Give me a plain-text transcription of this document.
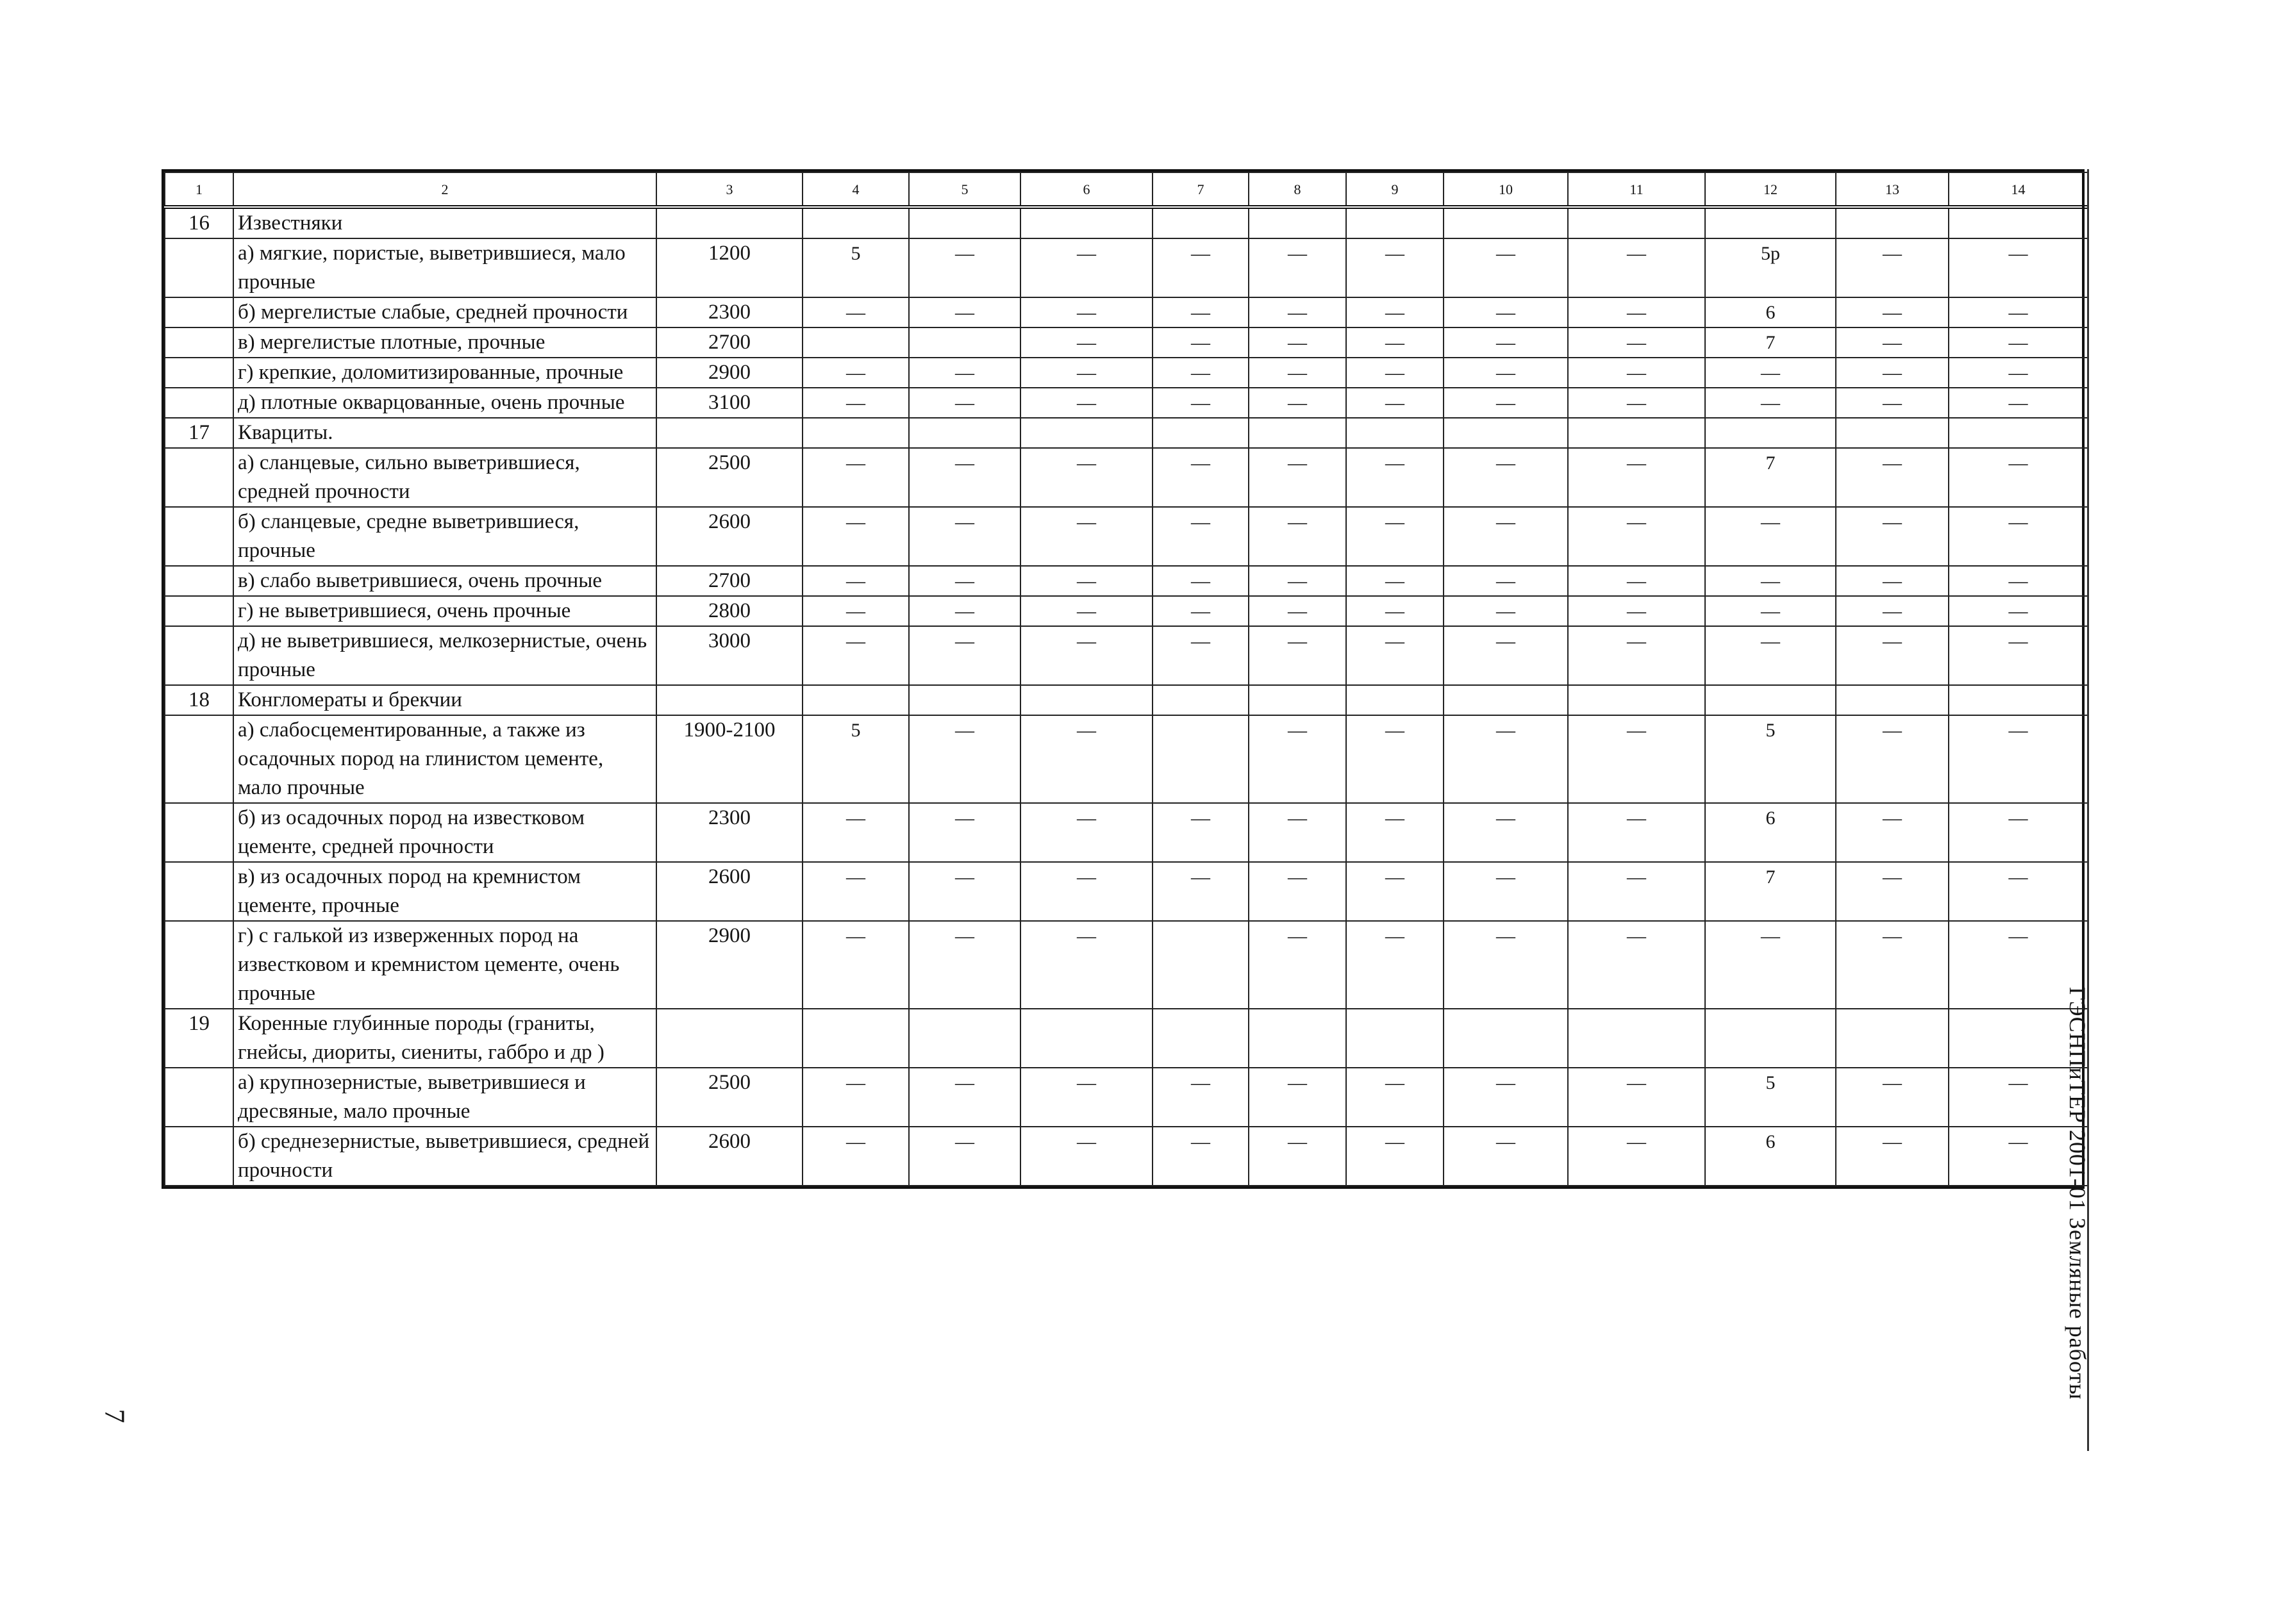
1	2	3	4	5	6	7	8	9	10	11	12	13	14
16	Известняки												
	а) мягкие, пористые, выветрившиеся, мало прочные	1200	5	—	—	—	—	—	—	—	5р	—	—
	б) мергелистые слабые, средней прочности	2300	—	—	—	—	—	—	—	—	6	—	—
	в) мергелистые плотные, прочные	2700			—	—	—	—	—	—	7	—	—
	г) крепкие, доломитизированные, прочные	2900	—	—	—	—	—	—	—	—	—	—	—
	д) плотные окварцованные, очень прочные	3100	—	—	—	—	—	—	—	—	—	—	—
17	Кварциты.												
	а) сланцевые, сильно выветрившиеся, средней прочности	2500	—	—	—	—	—	—	—	—	7	—	—
	б) сланцевые, средне выветрившиеся, прочные	2600	—	—	—	—	—	—	—	—	—	—	—
	в) слабо выветрившиеся, очень прочные	2700	—	—	—	—	—	—	—	—	—	—	—
	г) не выветрившиеся, очень прочные	2800	—	—	—	—	—	—	—	—	—	—	—
	д) не выветрившиеся, мелкозернистые, очень прочные	3000	—	—	—	—	—	—	—	—	—	—	—
18	Конгломераты и брекчии												
	а) слабосцементированные, а также из осадочных пород на глинистом цементе, мало прочные	1900-2100	5	—	—		—	—	—	—	5	—	—
	б) из осадочных пород на известковом цементе, средней прочности	2300	—	—	—	—	—	—	—	—	6	—	—
	в) из осадочных пород на кремнистом цементе, прочные	2600	—	—	—	—	—	—	—	—	7	—	—
	г) с галькой из изверженных пород на известковом и кремнистом цементе, очень прочные	2900	—	—	—		—	—	—	—	—	—	—
19	Коренные глубинные породы (граниты, гнейсы, диориты, сиениты, габбро и др )												
	а) крупнозернистые, выветрившиеся и дресвяные, мало прочные	2500	—	—	—	—	—	—	—	—	5	—	—
	б) среднезернистые, выветрившиеся, средней прочности	2600	—	—	—	—	—	—	—	—	6	—	—	ГЭСНПиТЕР 2001-01 Земляные работы
7
